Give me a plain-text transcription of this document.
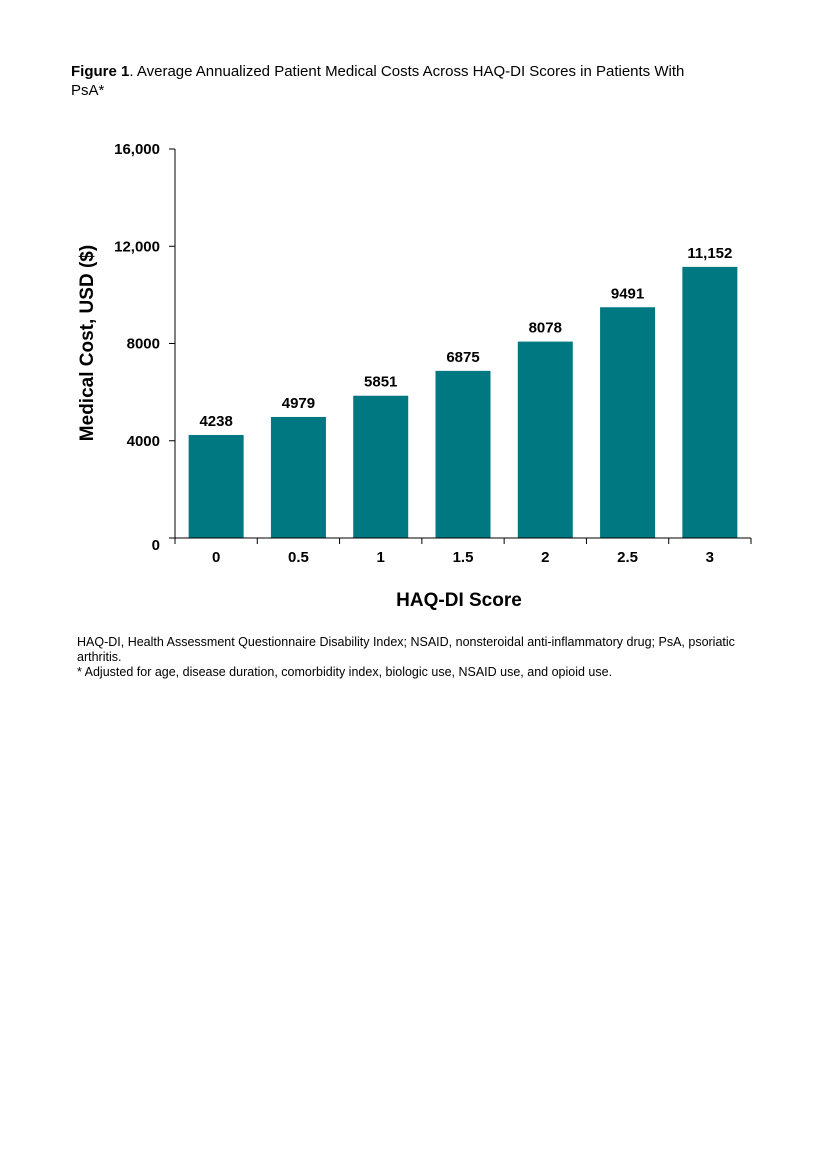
Figure 1. Average Annualized Patient Medical Costs Across HAQ-DI Scores in Patients With PsA*
0
4000
8000
12,000
16,000
0	0.5	1	1.5	2	2.5	3
4238
4979
5851
6875
8078
9491
11,152
Medical Cost, USD ($)
HAQ-DI Score

HAQ-DI, Health Assessment Questionnaire Disability Index; NSAID, nonsteroidal anti-inflammatory drug; PsA, psoriatic arthritis.

* Adjusted for age, disease duration, comorbidity index, biologic use, NSAID use, and opioid use.
